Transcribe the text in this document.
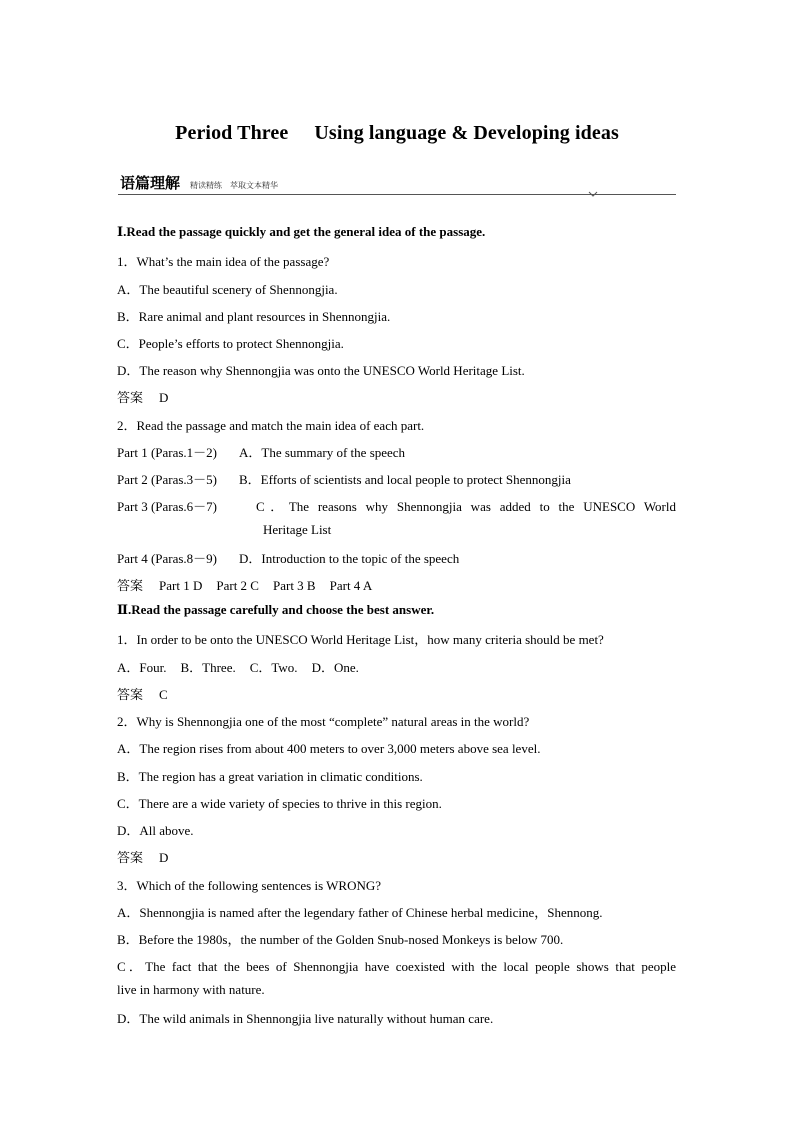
Period Three Using language & Developing ideas
语篇理解 精读精练　萃取文本精华
Ⅰ.Read the passage quickly and get the general idea of the passage.
1．What’s the main idea of the passage?
A．The beautiful scenery of Shennongjia.
B．Rare animal and plant resources in Shennongjia.
C．People’s efforts to protect Shennongjia.
D．The reason why Shennongjia was onto the UNESCO World Heritage List.
答案 D
2．Read the passage and match the main idea of each part.
Part 1 (Paras.1－2) A．The summary of the speech
Part 2 (Paras.3－5) B．Efforts of scientists and local people to protect Shennongjia
Part 3 (Paras.6－7)	C．The reasons why Shennongjia was added to the UNESCO World
Heritage List
Part 4 (Paras.8－9) D．Introduction to the topic of the speech
答案 Part 1 D Part 2 C Part 3 B Part 4 A
Ⅱ.Read the passage carefully and choose the best answer.
1．In order to be onto the UNESCO World Heritage List，how many criteria should be met?
A．Four. B．Three. C．Two. D．One.
答案 C
2．Why is Shennongjia one of the most “complete” natural areas in the world?
A．The region rises from about 400 meters to over 3,000 meters above sea level.
B．The region has a great variation in climatic conditions.
C．There are a wide variety of species to thrive in this region.
D．All above.
答案 D
3．Which of the following sentences is WRONG?
A．Shennongjia is named after the legendary father of Chinese herbal medicine，Shennong.
B．Before the 1980s，the number of the Golden Snub-nosed Monkeys is below 700.
C．The fact that the bees of Shennongjia have coexisted with the local people shows that people
live in harmony with nature.
D．The wild animals in Shennongjia live naturally without human care.
